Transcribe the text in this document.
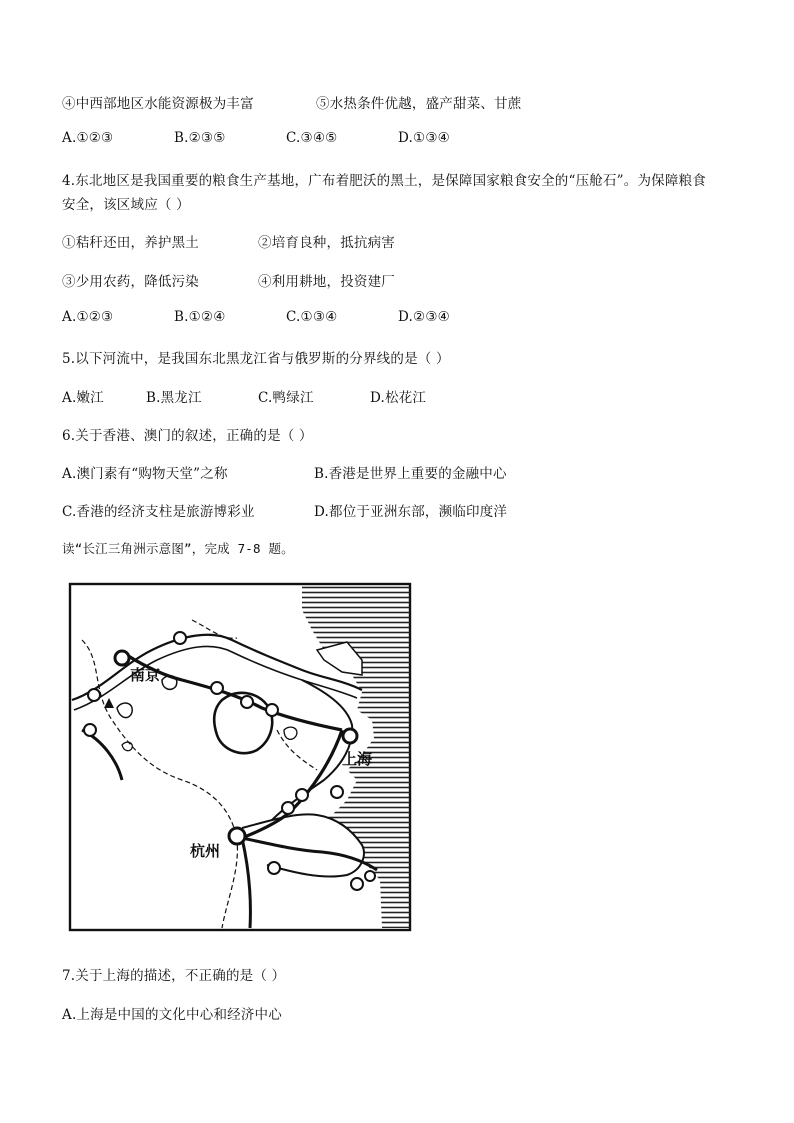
④中西部地区水能资源极为丰富	⑤水热条件优越，盛产甜菜、甘蔗
A.①②③	B.②③⑤	C.③④⑤	D.①③④
4.东北地区是我国重要的粮食生产基地，广布着肥沃的黑土，是保障国家粮食安全的“压舱石”。为保障粮食
安全，该区域应（ ）
①秸秆还田，养护黑土	②培育良种，抵抗病害
③少用农药，降低污染	④利用耕地，投资建厂
A.①②③	B.①②④	C.①③④	D.②③④
5.以下河流中，是我国东北黑龙江省与俄罗斯的分界线的是（ ）
A.嫩江	B.黑龙江	C.鸭绿江	D.松花江
6.关于香港、澳门的叙述，正确的是（ ）
A.澳门素有“购物天堂”之称	B.香港是世界上重要的金融中心
C.香港的经济支柱是旅游博彩业	D.都位于亚洲东部，濒临印度洋
读“长江三角洲示意图”，完成 7-8 题。
南京
上海
杭州
7.关于上海的描述，不正确的是（ ）
A.上海是中国的文化中心和经济中心
